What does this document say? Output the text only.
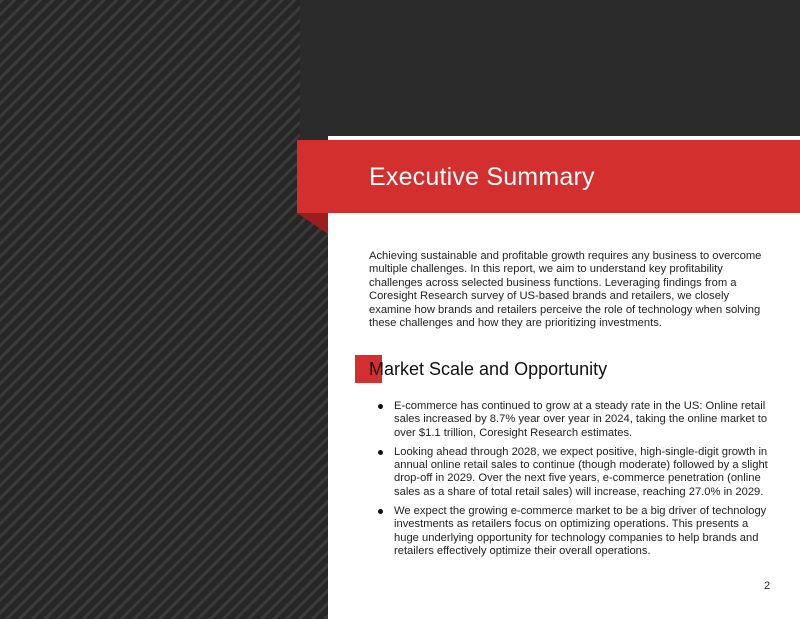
Executive Summary

Achieving sustainable and profitable growth requires any business to overcome multiple challenges. In this report, we aim to understand key profitability challenges across selected business functions. Leveraging findings from a Coresight Research survey of US-based brands and retailers, we closely examine how brands and retailers perceive the role of technology when solving these challenges and how they are prioritizing investments.

Market Scale and Opportunity
E-commerce has continued to grow at a steady rate in the US: Online retail sales increased by 8.7% year over year in 2024, taking the online market to over $1.1 trillion, Coresight Research estimates.
Looking ahead through 2028, we expect positive, high-single-digit growth in annual online retail sales to continue (though moderate) followed by a slight drop-off in 2029. Over the next five years, e-commerce penetration (online sales as a share of total retail sales) will increase, reaching 27.0% in 2029.
We expect the growing e-commerce market to be a big driver of technology investments as retailers focus on optimizing operations. This presents a huge underlying opportunity for technology companies to help brands and retailers effectively optimize their overall operations.
2
